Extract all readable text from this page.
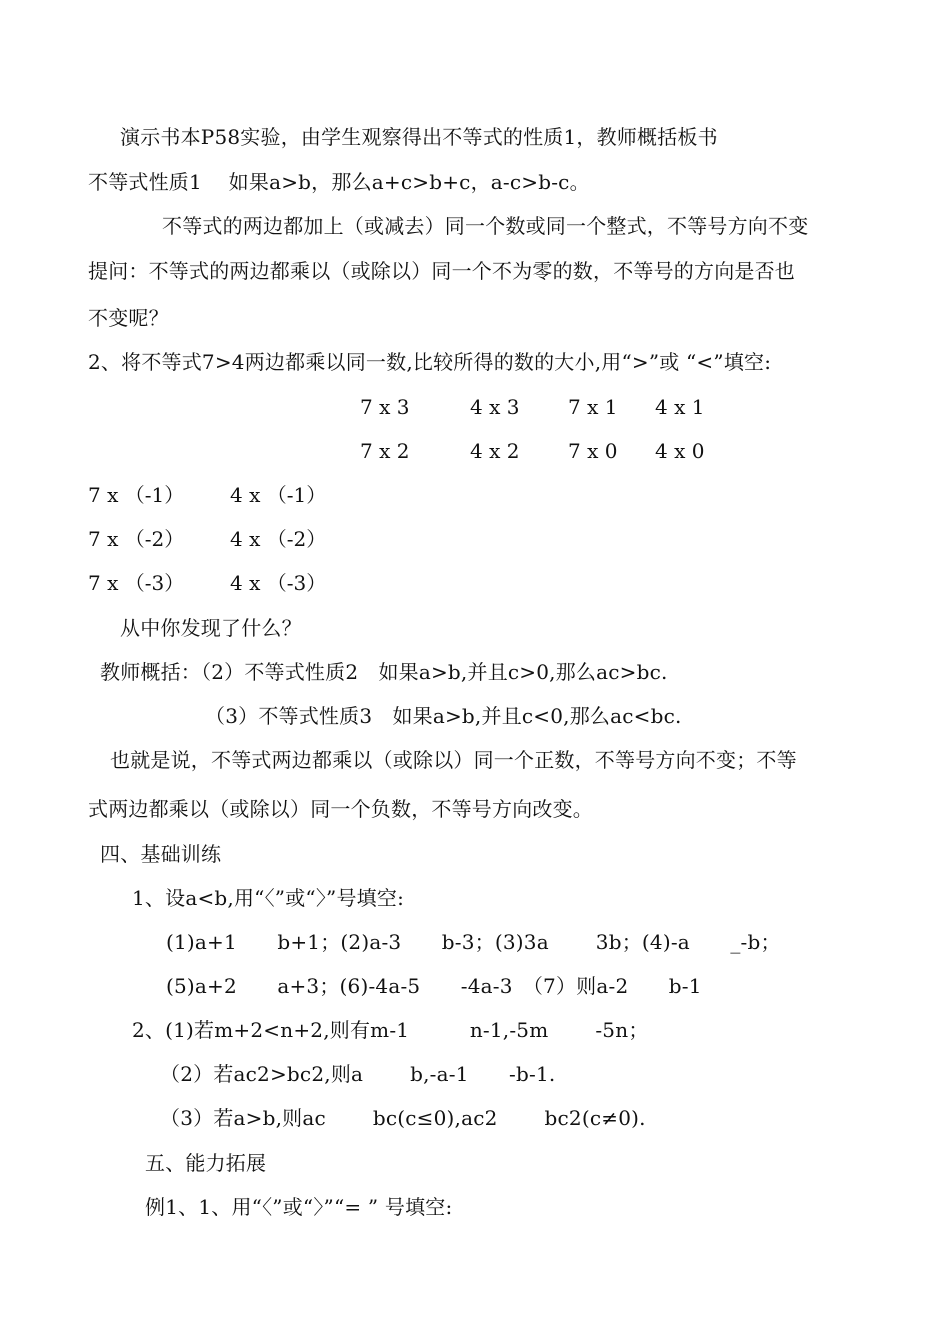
演示书本P58实验，由学生观察得出不等式的性质1，教师概括板书
不等式性质1　 如果a>b，那么a+c>b+c，a-c>b-c。
不等式的两边都加上（或减去）同一个数或同一个整式，不等号方向不变
提问：不等式的两边都乘以（或除以）同一个不为零的数，不等号的方向是否也
不变呢？
2、将不等式7>4两边都乘以同一数,比较所得的数的大小,用“>”或 “<”填空:
7 x 3	4 x 3 7 x 1 4 x 1
7 x 2	4 x 2 7 x 0 4 x 0
7 x （-1） 4 x （-1）
7 x （-2） 4 x （-2）
7 x （-3） 4 x （-3）
从中你发现了什么？
教师概括：（2）不等式性质2　如果a>b,并且c>0,那么ac>bc.
（3）不等式性质3　如果a>b,并且c<0,那么ac<bc.
也就是说，不等式两边都乘以（或除以）同一个正数，不等号方向不变；不等
式两边都乘以（或除以）同一个负数，不等号方向改变。
四、基础训练
1、设a<b,用“〈”或“〉”号填空:
(1)a+1　　b+1；(2)a-3　　b-3；(3)3a　　 3b；(4)-a　　_-b；
(5)a+2　　a+3；(6)-4a-5　　-4a-3　（7）则a-2　　b-1
2、(1)若m+2<n+2,则有m-1　　　n-1,-5m　　 -5n；
（2）若ac2>bc2,则a　　 b,-a-1　　-b-1.
（3）若a>b,则ac　　 bc(c≤0),ac2　　 bc2(c≠0).
五、能力拓展
例1、1、用“〈”或“〉”“= ” 号填空:
